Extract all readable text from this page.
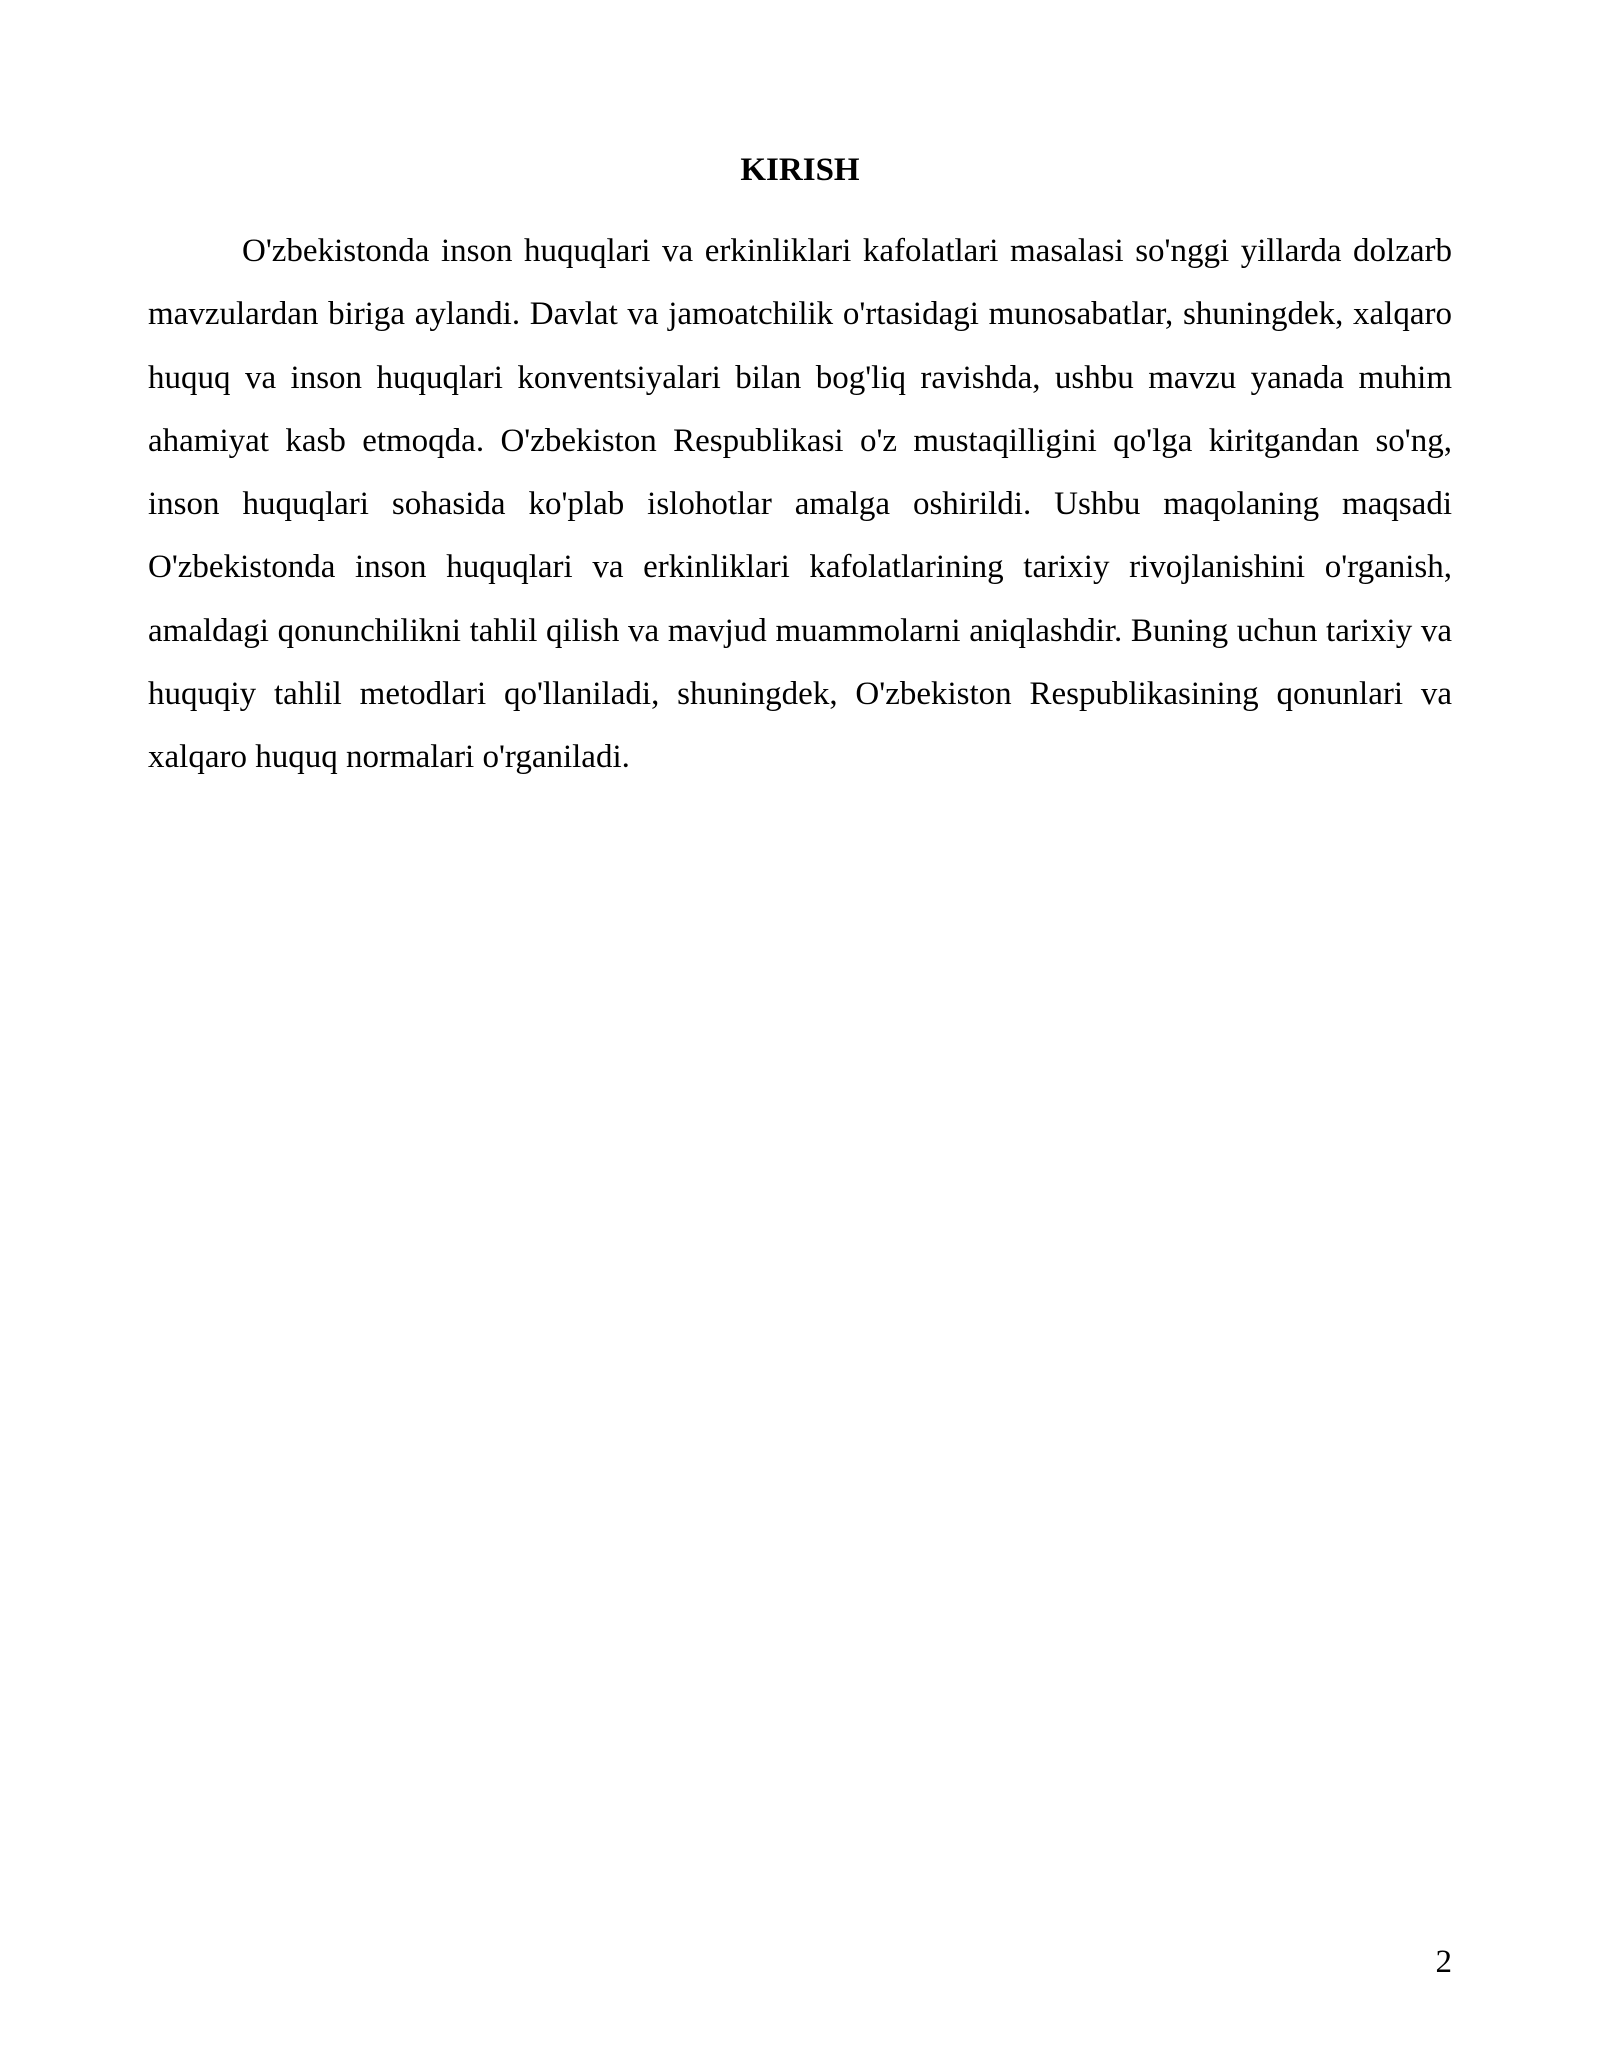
KIRISH

O'zbekistonda inson huquqlari va erkinliklari kafolatlari masalasi so'nggi yillarda dolzarb mavzulardan biriga aylandi. Davlat va jamoatchilik o'rtasidagi munosabatlar, shuningdek, xalqaro huquq va inson huquqlari konventsiyalari bilan bog'liq ravishda, ushbu mavzu yanada muhim ahamiyat kasb etmoqda. O'zbekiston Respublikasi o'z mustaqilligini qo'lga kiritgandan so'ng, inson huquqlari sohasida ko'plab islohotlar amalga oshirildi. Ushbu maqolaning maqsadi O'zbekistonda inson huquqlari va erkinliklari kafolatlarining tarixiy rivojlanishini o'rganish, amaldagi qonunchilikni tahlil qilish va mavjud muammolarni aniqlashdir. Buning uchun tarixiy va huquqiy tahlil metodlari qo'llaniladi, shuningdek, O'zbekiston Respublikasining qonunlari va xalqaro huquq normalari o'rganiladi.

2
